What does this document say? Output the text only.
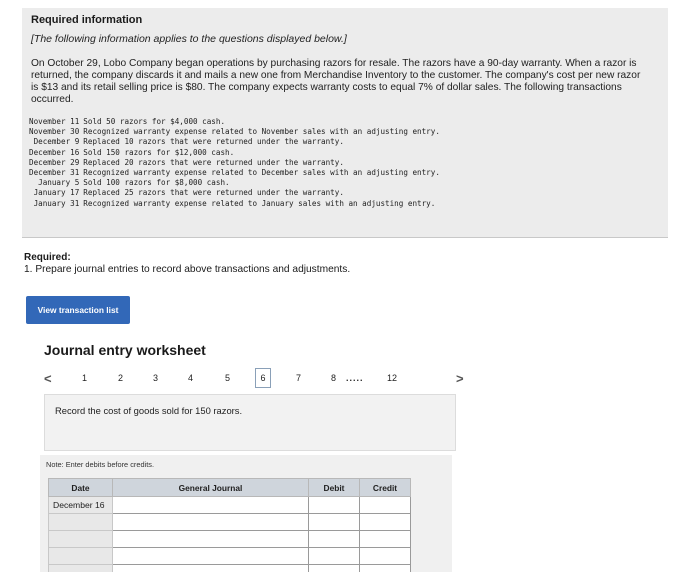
Required information
[The following information applies to the questions displayed below.]
On October 29, Lobo Company began operations by purchasing razors for resale. The razors have a 90-day warranty. When a razor is returned, the company discards it and mails a new one from Merchandise Inventory to the customer. The company's cost per new razor is $13 and its retail selling price is $80. The company expects warranty costs to equal 7% of dollar sales. The following transactions occurred.
November 11	Sold 50 razors for $4,000 cash.
November 30	Recognized warranty expense related to November sales with an adjusting entry.
December 9	Replaced 10 razors that were returned under the warranty.
December 16	Sold 150 razors for $12,000 cash.
December 29	Replaced 20 razors that were returned under the warranty.
December 31	Recognized warranty expense related to December sales with an adjusting entry.
January 5	Sold 100 razors for $8,000 cash.
January 17	Replaced 25 razors that were returned under the warranty.
January 31	Recognized warranty expense related to January sales with an adjusting entry.
Required:
1. Prepare journal entries to record above transactions and adjustments.
View transaction list
Journal entry worksheet
<	1	2	3	4	5	6	7	8 .....	12	>
Record the cost of goods sold for 150 razors.
Note: Enter debits before credits.
Date	General Journal	Debit	Credit
December 16			
